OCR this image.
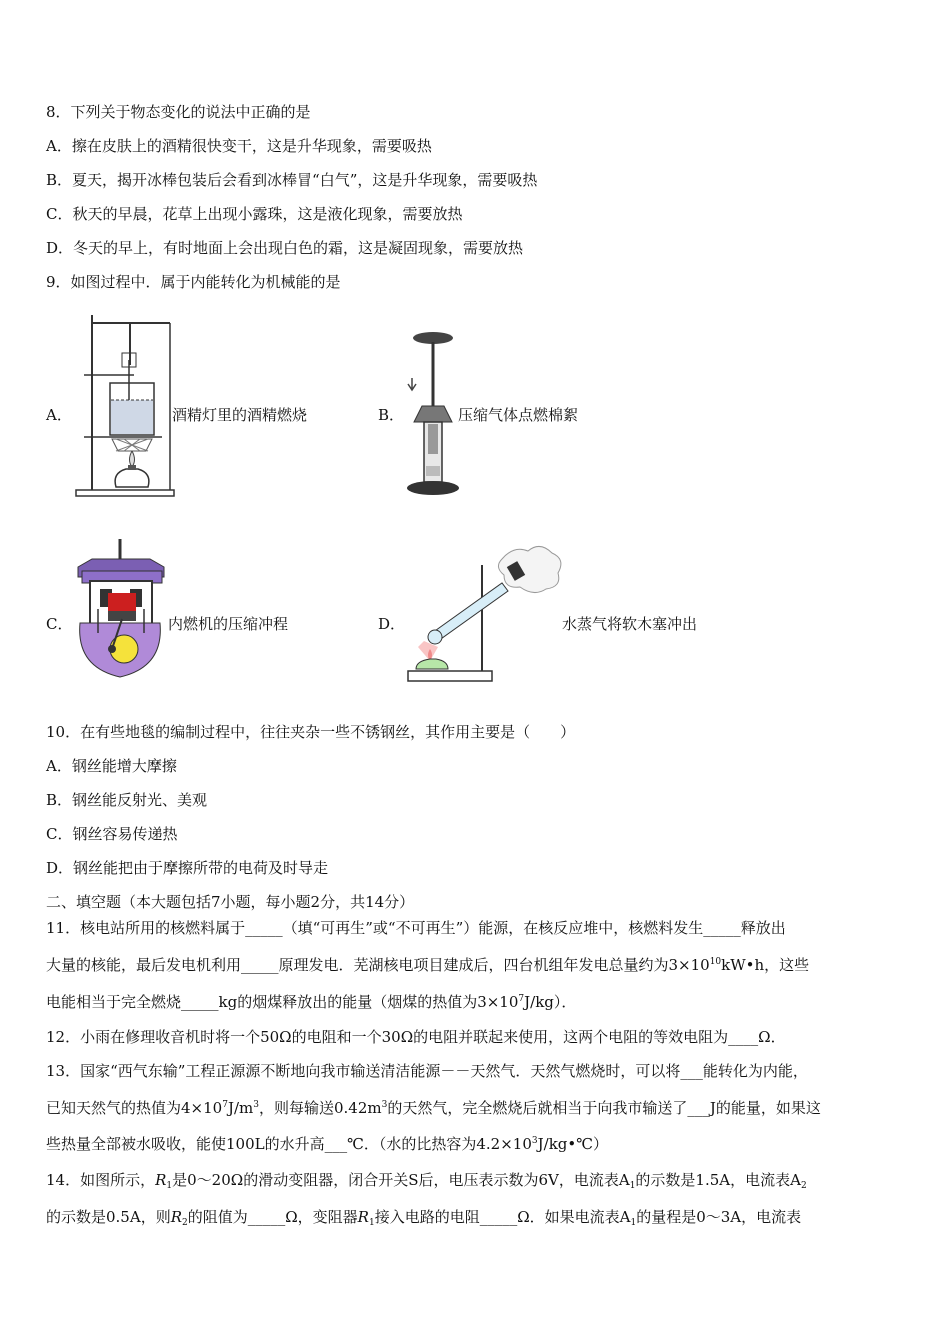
8．下列关于物态变化的说法中正确的是
A．擦在皮肤上的酒精很快变干，这是升华现象，需要吸热
B．夏天，揭开冰棒包装后会看到冰棒冒“白气”，这是升华现象，需要吸热
C．秋天的早晨，花草上出现小露珠，这是液化现象，需要放热
D．冬天的早上，有时地面上会出现白色的霜，这是凝固现象，需要放热
9．如图过程中．属于内能转化为机械能的是
A．	酒精灯里的酒精燃烧	B．	压缩气体点燃棉絮
C．	内燃机的压缩冲程	D．	水蒸气将软木塞冲出
10．在有些地毯的编制过程中，往往夹杂一些不锈钢丝，其作用主要是（　　）
A．钢丝能增大摩擦
B．钢丝能反射光、美观
C．钢丝容易传递热
D．钢丝能把由于摩擦所带的电荷及时导走
二、填空题（本大题包括7小题，每小题2分，共14分）
11．核电站所用的核燃料属于_____（填“可再生”或“不可再生”）能源，在核反应堆中，核燃料发生_____释放出
大量的核能，最后发电机利用_____原理发电．芜湖核电项目建成后，四台机组年发电总量约为$3\times 10^{10}kW•h$，这些
电能相当于完全燃烧_____kg的烟煤释放出的能量（烟煤的热值为$3\times 10^7J/kg$）．
12．小雨在修理收音机时将一个50Ω的电阻和一个30Ω的电阻并联起来使用，这两个电阻的等效电阻为____Ω．
13．国家“西气东输”工程正源源不断地向我市输送清洁能源－－天然气．天然气燃烧时，可以将___能转化为内能，
已知天然气的热值为$4\times 10^7J/m^3$，则每输送$0.42m^3$的天然气，完全燃烧后就相当于向我市输送了___J的能量，如果这
些热量全部被水吸收，能使100L的水升高___℃．（水的比热容为$4.2\times 10^3J/kg•℃$）
14．如图所示，$R_1$是0～20Ω的滑动变阻器，闭合开关S后，电压表示数为6V，电流表$A_1$的示数是1.5A，电流表$A_2$
的示数是0.5A，则$R_2$的阻值为_____Ω，变阻器$R_1$接入电路的电阻_____Ω．如果电流表$A_1$的量程是0～3A，电流表
